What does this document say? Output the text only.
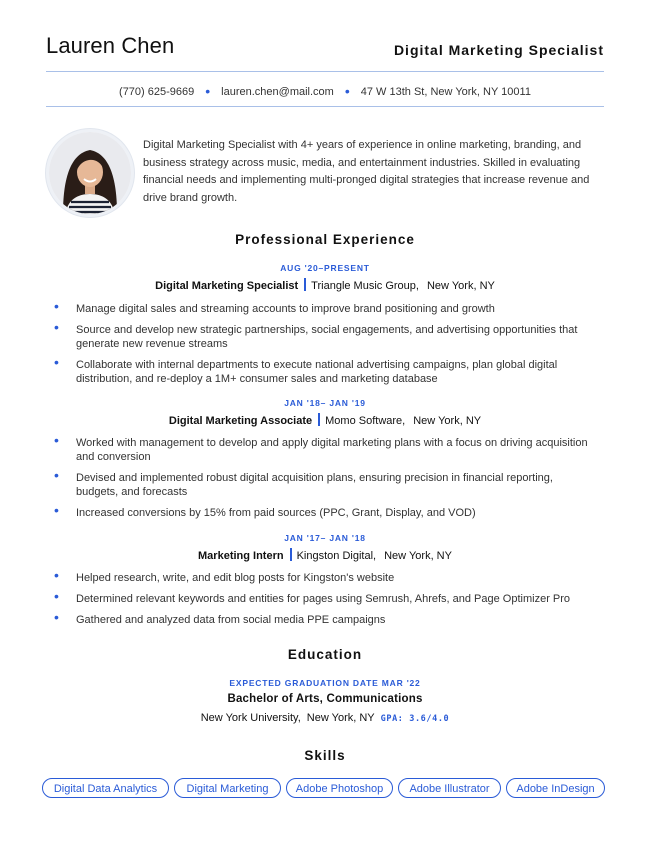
Lauren Chen	Digital Marketing Specialist
(770) 625-9669 • lauren.chen@mail.com • 47 W 13th St, New York, NY 10011
Digital Marketing Specialist with 4+ years of experience in online marketing, branding, and business strategy across music, media, and entertainment industries. Skilled in evaluating financial needs and implementing multi-pronged digital strategies that increase revenue and drive brand growth.
Professional Experience
AUG '20–PRESENT
Digital Marketing Specialist Triangle Music Group, New York, NY
• Manage digital sales and streaming accounts to improve brand positioning and growth
• Source and develop new strategic partnerships, social engagements, and advertising opportunities that generate new revenue streams
• Collaborate with internal departments to execute national advertising campaigns, plan global digital distribution, and re-deploy a 1M+ consumer sales and marketing database
JAN '18– JAN '19
Digital Marketing Associate Momo Software, New York, NY
• Worked with management to develop and apply digital marketing plans with a focus on driving acquisition and conversion
• Devised and implemented robust digital acquisition plans, ensuring precision in financial reporting, budgets, and forecasts
• Increased conversions by 15% from paid sources (PPC, Grant, Display, and VOD)
JAN '17– JAN '18
Marketing Intern Kingston Digital, New York, NY
• Helped research, write, and edit blog posts for Kingston's website
• Determined relevant keywords and entities for pages using Semrush, Ahrefs, and Page Optimizer Pro
• Gathered and analyzed data from social media PPE campaigns
Education
EXPECTED GRADUATION DATE MAR '22
Bachelor of Arts, Communications
New York University, New York, NY GPA: 3.6/4.0
Skills
Digital Data Analytics	Digital Marketing	Adobe Photoshop	Adobe Illustrator	Adobe InDesign
